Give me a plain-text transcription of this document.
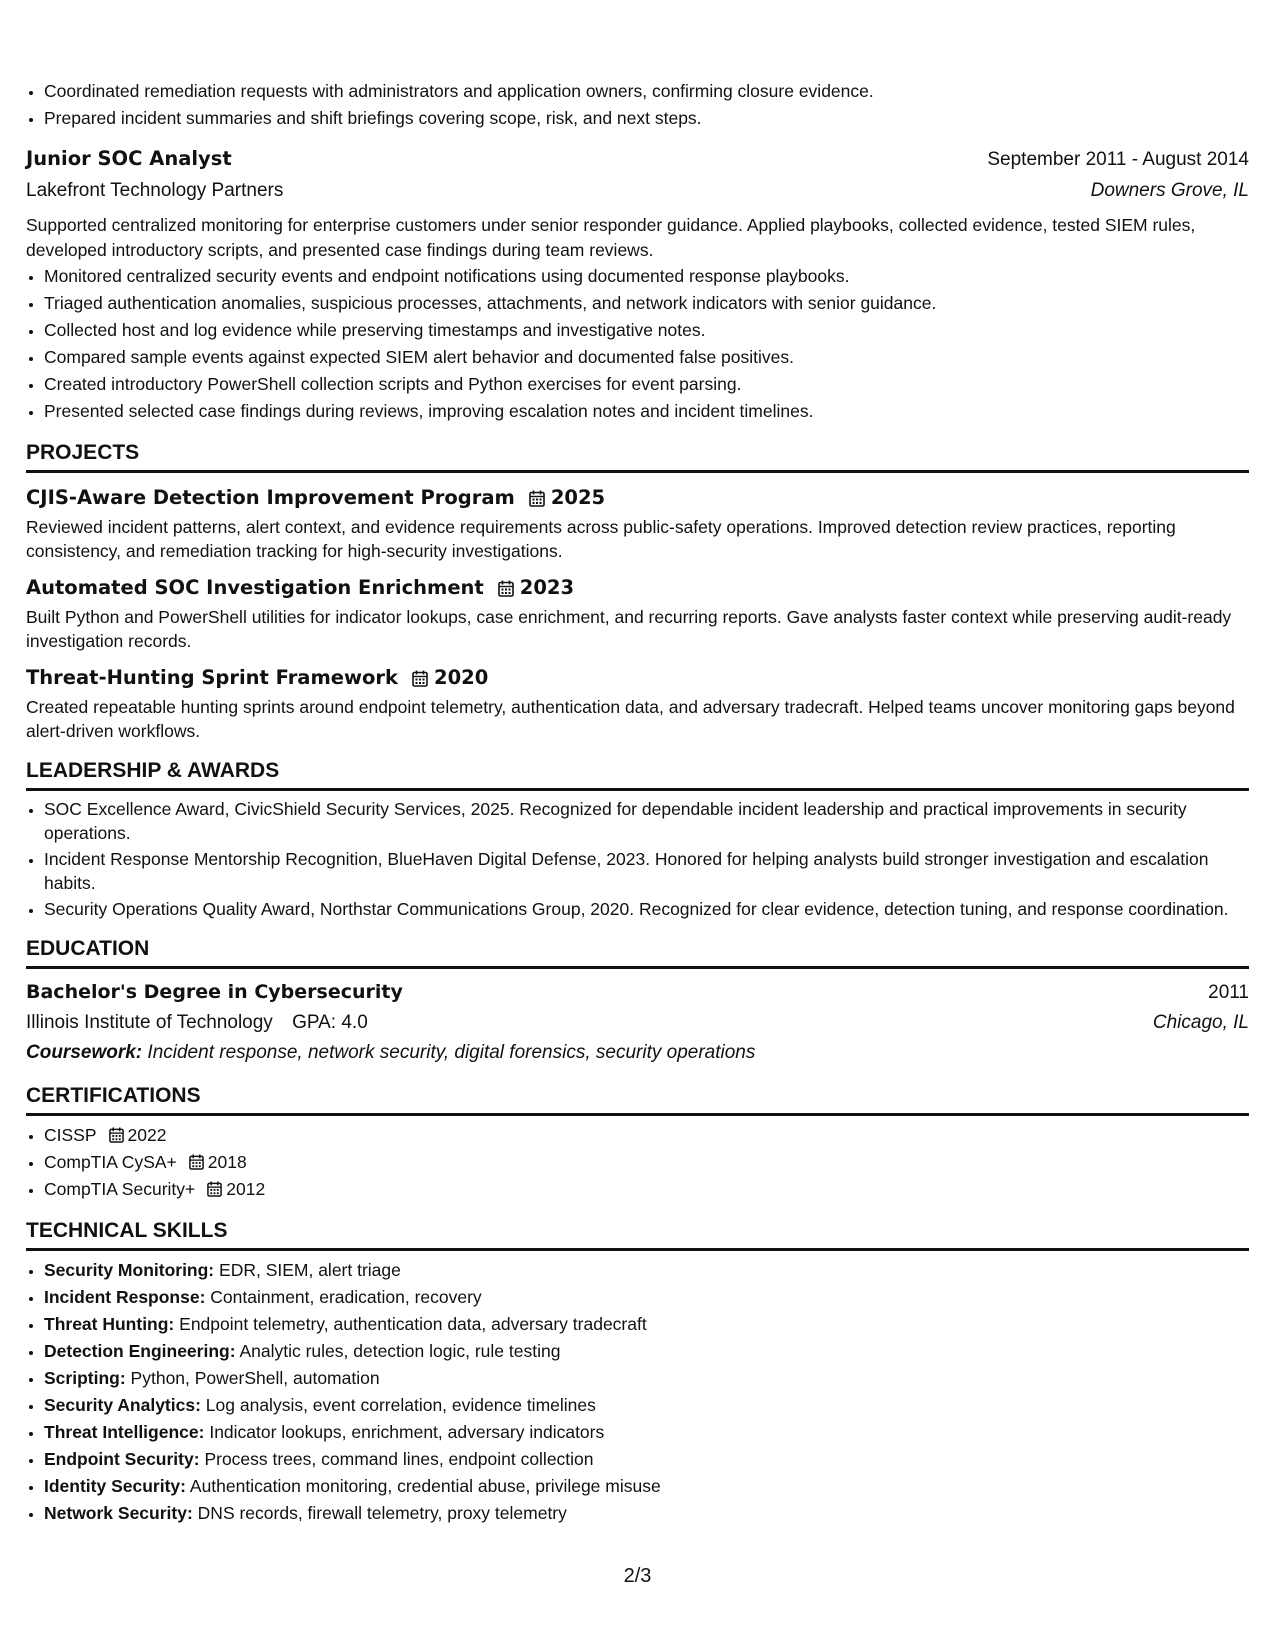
• Coordinated remediation requests with administrators and application owners, confirming closure evidence.
• Prepared incident summaries and shift briefings covering scope, risk, and next steps.
Junior SOC Analyst	September 2011 - August 2014
Lakefront Technology Partners	Downers Grove, IL
Supported centralized monitoring for enterprise customers under senior responder guidance. Applied playbooks, collected evidence, tested SIEM rules, developed introductory scripts, and presented case findings during team reviews.
• Monitored centralized security events and endpoint notifications using documented response playbooks.
• Triaged authentication anomalies, suspicious processes, attachments, and network indicators with senior guidance.
• Collected host and log evidence while preserving timestamps and investigative notes.
• Compared sample events against expected SIEM alert behavior and documented false positives.
• Created introductory PowerShell collection scripts and Python exercises for event parsing.
• Presented selected case findings during reviews, improving escalation notes and incident timelines.
PROJECTS
CJIS-Aware Detection Improvement Program 2025
Reviewed incident patterns, alert context, and evidence requirements across public-safety operations. Improved detection review practices, reporting consistency, and remediation tracking for high-security investigations.
Automated SOC Investigation Enrichment 2023
Built Python and PowerShell utilities for indicator lookups, case enrichment, and recurring reports. Gave analysts faster context while preserving audit-ready investigation records.
Threat-Hunting Sprint Framework 2020
Created repeatable hunting sprints around endpoint telemetry, authentication data, and adversary tradecraft. Helped teams uncover monitoring gaps beyond alert-driven workflows.
LEADERSHIP & AWARDS
• SOC Excellence Award, CivicShield Security Services, 2025. Recognized for dependable incident leadership and practical improvements in security operations.
• Incident Response Mentorship Recognition, BlueHaven Digital Defense, 2023. Honored for helping analysts build stronger investigation and escalation habits.
• Security Operations Quality Award, Northstar Communications Group, 2020. Recognized for clear evidence, detection tuning, and response coordination.
EDUCATION
Bachelor's Degree in Cybersecurity	2011
Illinois Institute of Technology GPA: 4.0	Chicago, IL
Coursework: Incident response, network security, digital forensics, security operations
CERTIFICATIONS
• CISSP 2022
• CompTIA CySA+ 2018
• CompTIA Security+ 2012
TECHNICAL SKILLS
• Security Monitoring: EDR, SIEM, alert triage
• Incident Response: Containment, eradication, recovery
• Threat Hunting: Endpoint telemetry, authentication data, adversary tradecraft
• Detection Engineering: Analytic rules, detection logic, rule testing
• Scripting: Python, PowerShell, automation
• Security Analytics: Log analysis, event correlation, evidence timelines
• Threat Intelligence: Indicator lookups, enrichment, adversary indicators
• Endpoint Security: Process trees, command lines, endpoint collection
• Identity Security: Authentication monitoring, credential abuse, privilege misuse
• Network Security: DNS records, firewall telemetry, proxy telemetry
2/3
